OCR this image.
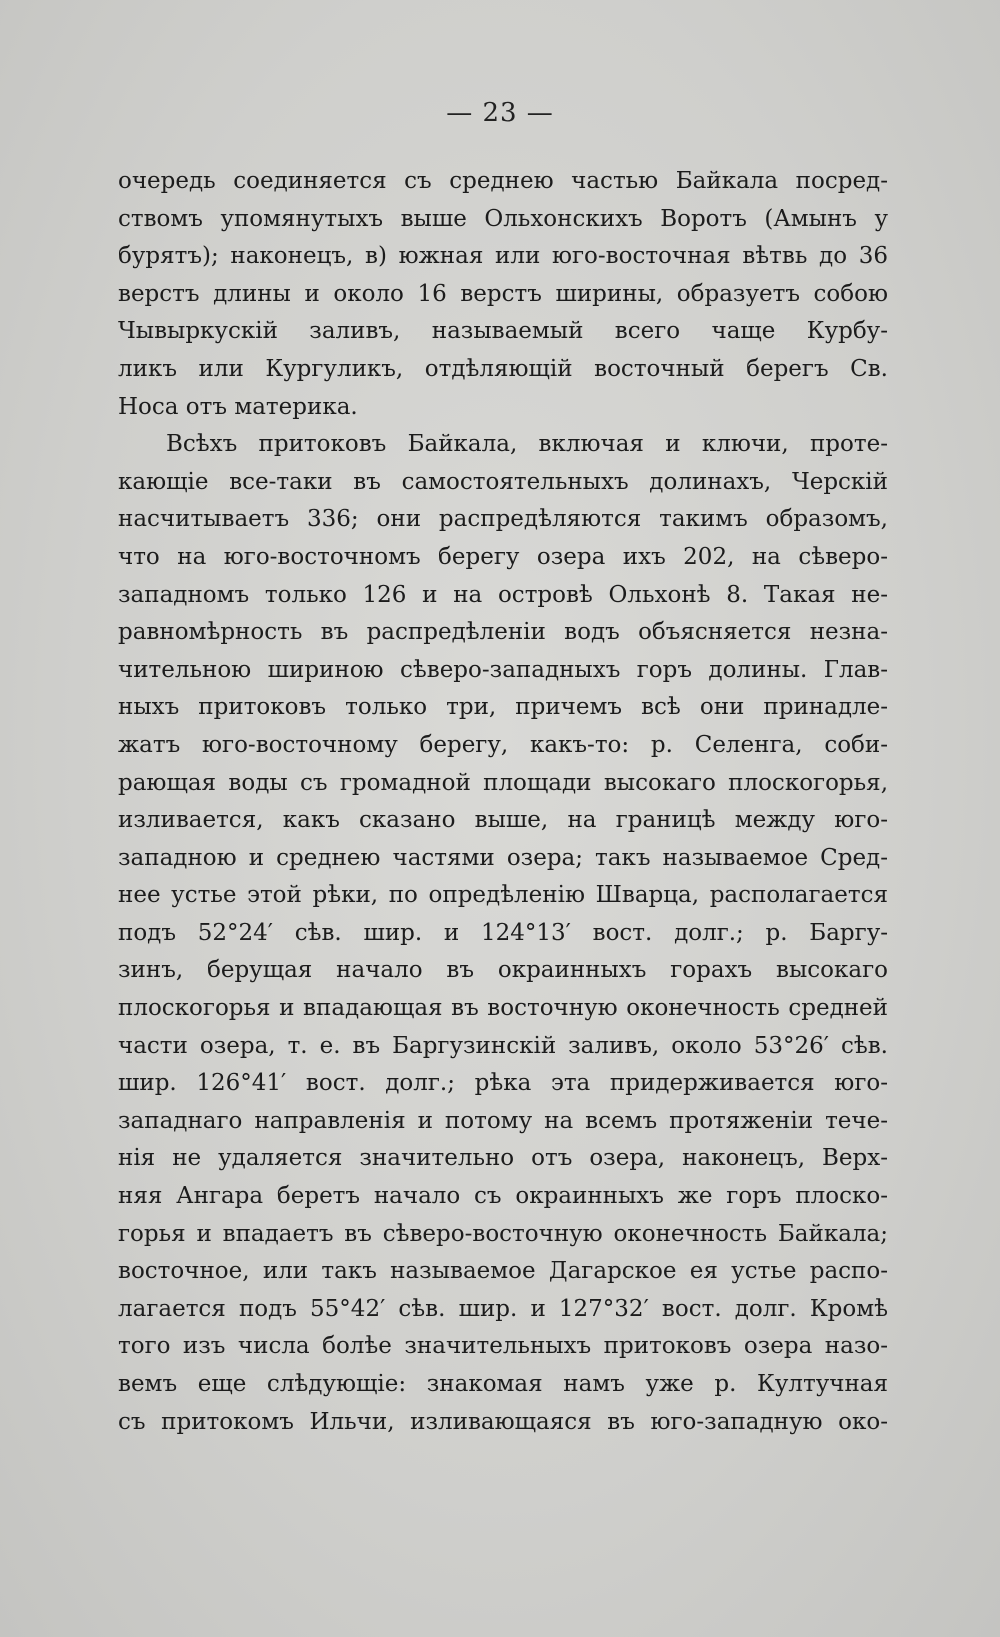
— 23 —
очередь соединяется съ среднею частью Байкала посред-
ствомъ упомянутыхъ выше Ольхонскихъ Воротъ (Амынъ у
бурятъ); наконецъ, в) южная или юго-восточная вѣтвь до 36
верстъ длины и около 16 верстъ ширины, образуетъ собою
Чывыркускій заливъ, называемый всего чаще Курбу-
ликъ или Кургуликъ, отдѣляющій восточный берегъ Св.
Носа отъ материка.
Всѣхъ притоковъ Байкала, включая и ключи, проте-
кающіе все-таки въ самостоятельныхъ долинахъ, Черскій
насчитываетъ 336; они распредѣляются такимъ образомъ,
что на юго-восточномъ берегу озера ихъ 202, на сѣверо-
западномъ только 126 и на островѣ Ольхонѣ 8. Такая не-
равномѣрность въ распредѣленіи водъ объясняется незна-
чительною шириною сѣверо-западныхъ горъ долины. Глав-
ныхъ притоковъ только три, причемъ всѣ они принадле-
жатъ юго-восточному берегу, какъ-то: р. Селенга, соби-
рающая воды съ громадной площади высокаго плоскогорья,
изливается, какъ сказано выше, на границѣ между юго-
западною и среднею частями озера; такъ называемое Сред-
нее устье этой рѣки, по опредѣленію Шварца, располагается
подъ 52°24′ сѣв. шир. и 124°13′ вост. долг.; р. Баргу-
зинъ, берущая начало въ окраинныхъ горахъ высокаго
плоскогорья и впадающая въ восточную оконечность средней
части озера, т. е. въ Баргузинскій заливъ, около 53°26′ сѣв.
шир. 126°41′ вост. долг.; рѣка эта придерживается юго-
западнаго направленія и потому на всемъ протяженіи тече-
нія не удаляется значительно отъ озера, наконецъ, Верх-
няя Ангара беретъ начало съ окраинныхъ же горъ плоско-
горья и впадаетъ въ сѣверо-восточную оконечность Байкала;
восточное, или такъ называемое Дагарское ея устье распо-
лагается подъ 55°42′ сѣв. шир. и 127°32′ вост. долг. Кромѣ
того изъ числа болѣе значительныхъ притоковъ озера назо-
вемъ еще слѣдующіе: знакомая намъ уже р. Култучная
съ притокомъ Ильчи, изливающаяся въ юго-западную око-
